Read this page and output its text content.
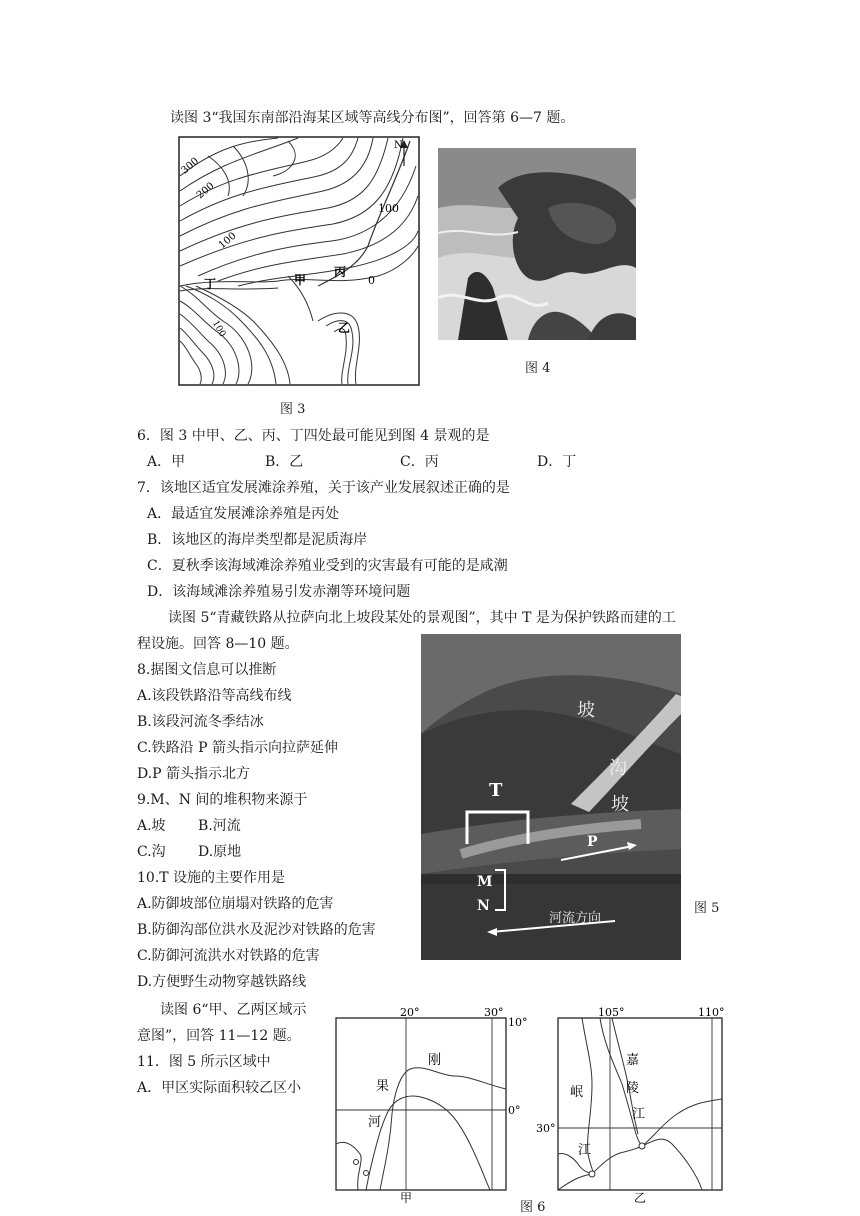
读图 3“我国东南部沿海某区域等高线分布图”，回答第 6—7 题。
N
300
200
100
100
100
0
丁	甲
丙
乙
图 3
图 4
6．图 3 中甲、乙、丙、丁四处最可能见到图 4 景观的是
A．甲	B．乙	C．丙	D．丁
7．该地区适宜发展滩涂养殖，关于该产业发展叙述正确的是
A．最适宜发展滩涂养殖是丙处
B．该地区的海岸类型都是泥质海岸
C．夏秋季该海域滩涂养殖业受到的灾害最有可能的是咸潮
D．该海域滩涂养殖易引发赤潮等环境问题
读图 5“青藏铁路从拉萨向北上坡段某处的景观图”，其中 T 是为保护铁路而建的工
程设施。回答 8—10 题。
8.据图文信息可以推断
A.该段铁路沿等高线布线
B.该段河流冬季结冰
C.铁路沿 P 箭头指示向拉萨延伸
D.P 箭头指示北方
9.M、N 间的堆积物来源于
A.坡 B.河流
C.沟 D.原地
10.T 设施的主要作用是
A.防御坡部位崩塌对铁路的危害
B.防御沟部位洪水及泥沙对铁路的危害
C.防御河流洪水对铁路的危害
D.方便野生动物穿越铁路线
坡
沟
坡
T
P
M
N
河流方向
图 5
读图 6“甲、乙两区域示
意图”，回答 11—12 题。
11．图 5 所示区域中
A．甲区实际面积较乙区小
20°	30°
10°
0°
果
刚
河
甲
105°	110°
30°
嘉
陵
江
岷
江
乙
图 6
